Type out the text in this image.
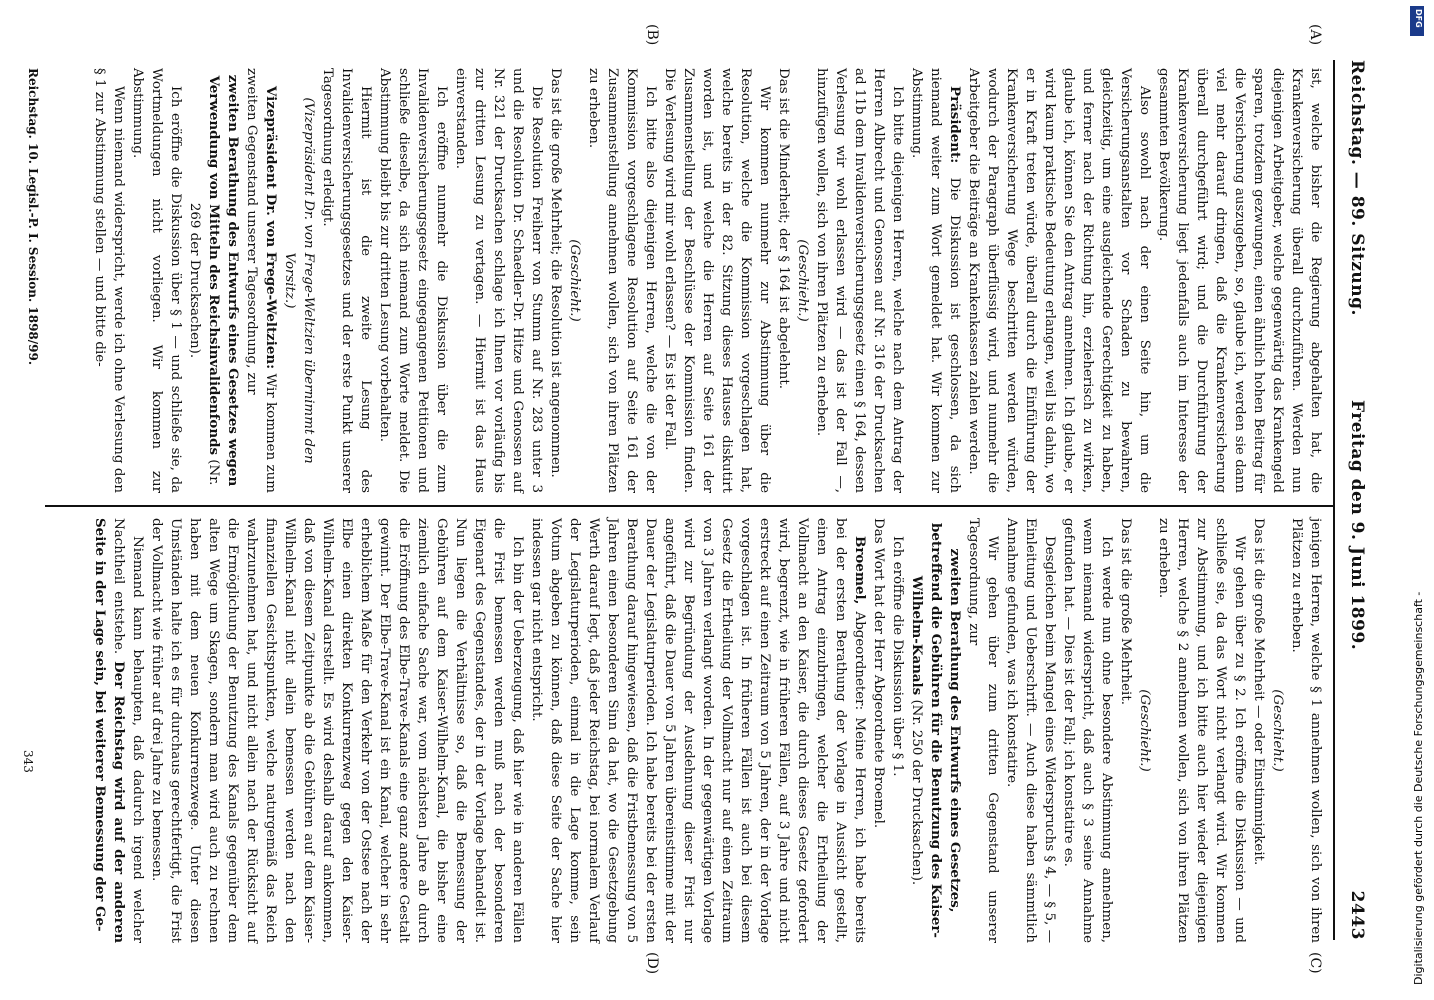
Reichstag. — 89. Sitzung.
Freitag den 9. Juni 1899.
2443
(A)
(B)
(C)
(D)

ist, welche bisher die Regierung abgehalten hat, die Krankenversicherung überall durchzuführen. Werden nun diejenigen Arbeitgeber, welche gegenwärtig das Krankengeld sparen, trotzdem gezwungen, einen ähnlich hohen Beitrag für die Versicherung auszugeben, so, glaube ich, werden sie dann viel mehr darauf dringen, daß die Krankenversicherung überall durchgeführt wird; und die Durchführung der Krankenversicherung liegt jedenfalls auch im Interesse der gesammten Bevölkerung.

Also sowohl nach der einen Seite hin, um die Versicherungsanstalten vor Schaden zu bewahren, gleichzeitig, um eine ausgleichende Gerechtigkeit zu haben, und ferner nach der Richtung hin, erzieherisch zu wirken, glaube ich, können Sie den Antrag annehmen. Ich glaube, er wird kaum praktische Bedeutung erlangen, weil bis dahin, wo er in Kraft treten würde, überall durch die Einführung der Krankenversicherung Wege beschritten werden würden, wodurch der Paragraph überflüssig wird, und nunmehr die Arbeitgeber die Beiträge an Krankenkassen zahlen werden.

Präsident: Die Diskussion ist geschlossen, da sich niemand weiter zum Wort gemeldet hat. Wir kommen zur Abstimmung.

Ich bitte diejenigen Herren, welche nach dem Antrag der Herren Albrecht und Genossen auf Nr. 316 der Drucksachen ad 11b dem Invalidenversicherungsgesetz einen § 164, dessen Verlesung wir wohl erlassen wird — das ist der Fall —, hinzufügen wollen, sich von ihren Plätzen zu erheben.

(Geschieht.)

Das ist die Minderheit; der § 164 ist abgelehnt.

Wir kommen nunmehr zur Abstimmung über die Resolution, welche die Kommission vorgeschlagen hat, welche bereits in der 82. Sitzung dieses Hauses diskutirt worden ist, und welche die Herren auf Seite 161 der Zusammenstellung der Beschlüsse der Kommission finden. Die Verlesung wird mir wohl erlassen? — Es ist der Fall.

Ich bitte also diejenigen Herren, welche die von der Kommission vorgeschlagene Resolution auf Seite 161 der Zusammenstellung annehmen wollen, sich von ihren Plätzen zu erheben.

(Geschieht.)

Das ist die große Mehrheit; die Resolution ist angenommen.

Die Resolution Freiherr von Stumm auf Nr. 283 unter 3 und die Resolution Dr. Schaedler-Dr. Hitze und Genossen auf Nr. 321 der Drucksachen schlage ich Ihnen vor vorläufig bis zur dritten Lesung zu vertagen. — Hiermit ist das Haus einverstanden.

Ich eröffne nunmehr die Diskussion über die zum Invalidenversicherungsgesetz eingegangenen Petitionen und schließe dieselbe, da sich niemand zum Worte meldet. Die Abstimmung bleibt bis zur dritten Lesung vorbehalten.

Hiermit ist die zweite Lesung des Invalidenversicherungsgesetzes und der erste Punkt unserer Tagesordnung erledigt.

(Vizepräsident Dr. von Frege-Weltzien übernimmt den Vorsitz.)

Vizepräsident Dr. von Frege-Weltzien: Wir kommen zum zweiten Gegenstand unserer Tagesordnung, zur

zweiten Berathung des Entwurfs eines Gesetzes wegen Verwendung von Mitteln des Reichsinvalidenfonds (Nr. 269 der Drucksachen).

Ich eröffne die Diskussion über § 1 — und schließe sie, da Wortmeldungen nicht vorliegen. Wir kommen zur Abstimmung.

Wenn niemand widerspricht, werde ich ohne Verlesung den § 1 zur Abstimmung stellen — und bitte die-

jenigen Herren, welche § 1 annehmen wollen, sich von ihren Plätzen zu erheben.

(Geschieht.)

Das ist die große Mehrheit — oder Einstimmigkeit.

Wir gehen über zu § 2. Ich eröffne die Diskussion — und schließe sie, da das Wort nicht verlangt wird. Wir kommen zur Abstimmung, und ich bitte auch hier wieder diejenigen Herren, welche § 2 annehmen wollen, sich von ihren Plätzen zu erheben.

(Geschieht.)

Das ist die große Mehrheit.

Ich werde nun ohne besondere Abstimmung annehmen, wenn niemand widerspricht, daß auch § 3 seine Annahme gefunden hat. — Dies ist der Fall; ich konstatire es.

Desgleichen beim Mangel eines Widerspruchs § 4, — § 5, — Einleitung und Ueberschrift. — Auch diese haben sämmtlich Annahme gefunden, was ich konstatire.

Wir gehen über zum dritten Gegenstand unserer Tagesordnung, zur

zweiten Berathung des Entwurfs eines Gesetzes, betreffend die Gebühren für die Benutzung des Kaiser-Wilhelm-Kanals (Nr. 250 der Drucksachen).

Ich eröffne die Diskussion über § 1.

Das Wort hat der Herr Abgeordnete Broemel.

Broemel, Abgeordneter: Meine Herren, ich habe bereits bei der ersten Berathung der Vorlage in Aussicht gestellt, einen Antrag einzubringen, welcher die Ertheilung der Vollmacht an den Kaiser, die durch dieses Gesetz gefordert wird, begrenzt, wie in früheren Fällen, auf 3 Jahre und nicht erstreckt auf einen Zeitraum von 5 Jahren, der in der Vorlage vorgeschlagen ist. In früheren Fällen ist auch bei diesem Gesetz die Ertheilung der Vollmacht nur auf einen Zeitraum von 3 Jahren verlangt worden. In der gegenwärtigen Vorlage wird zur Begründung der Ausdehnung dieser Frist nur angeführt, daß die Dauer von 5 Jahren übereinstimme mit der Dauer der Legislaturperioden. Ich habe bereits bei der ersten Berathung darauf hingewiesen, daß die Fristbemessung von 5 Jahren einen besonderen Sinn da hat, wo die Gesetzgebung Werth darauf legt, daß jeder Reichstag, bei normalem Verlauf der Legislaturperioden, einmal in die Lage komme, sein Votum abgeben zu können, daß diese Seite der Sache hier indessen gar nicht entspricht.

Ich bin der Ueberzeugung, daß hier wie in anderen Fällen die Frist bemessen werden muß nach der besonderen Eigenart des Gegenstandes, der in der Vorlage behandelt ist. Nun liegen die Verhältnisse so, daß die Bemessung der Gebühren auf dem Kaiser-Wilhelm-Kanal, die bisher eine ziemlich einfache Sache war, vom nächsten Jahre ab durch die Eröffnung des Elbe-Trave-Kanals eine ganz andere Gestalt gewinnt. Der Elbe-Trave-Kanal ist ein Kanal, welcher in sehr erheblichem Maße für den Verkehr von der Ostsee nach der Elbe einen direkten Konkurrenzweg gegen den Kaiser-Wilhelm-Kanal darstellt. Es wird deshalb darauf ankommen, daß von diesem Zeitpunkte ab die Gebühren auf dem Kaiser-Wilhelm-Kanal nicht allein bemessen werden nach den finanziellen Gesichtspunkten, welche naturgemäß das Reich wahrzunehmen hat, und nicht allein nach der Rücksicht auf die Ermöglichung der Benutzung des Kanals gegenüber dem alten Wege um Skagen, sondern man wird auch zu rechnen haben mit dem neuen Konkurrenzwege. Unter diesen Umständen halte ich es für durchaus gerechtfertigt, die Frist der Vollmacht wie früher auf drei Jahre zu bemessen.

Niemand kann behaupten, daß dadurch irgend welcher Nachtheil entstehe. Der Reichstag wird auf der anderen Seite in der Lage sein, bei weiterer Bemessung der Ge-

Reichstag. 10. Legisl.-P. I. Session. 1898/99.
343
DFG
Digitalisierung gefördert durch die Deutsche Forschungsgemeinschaft -
